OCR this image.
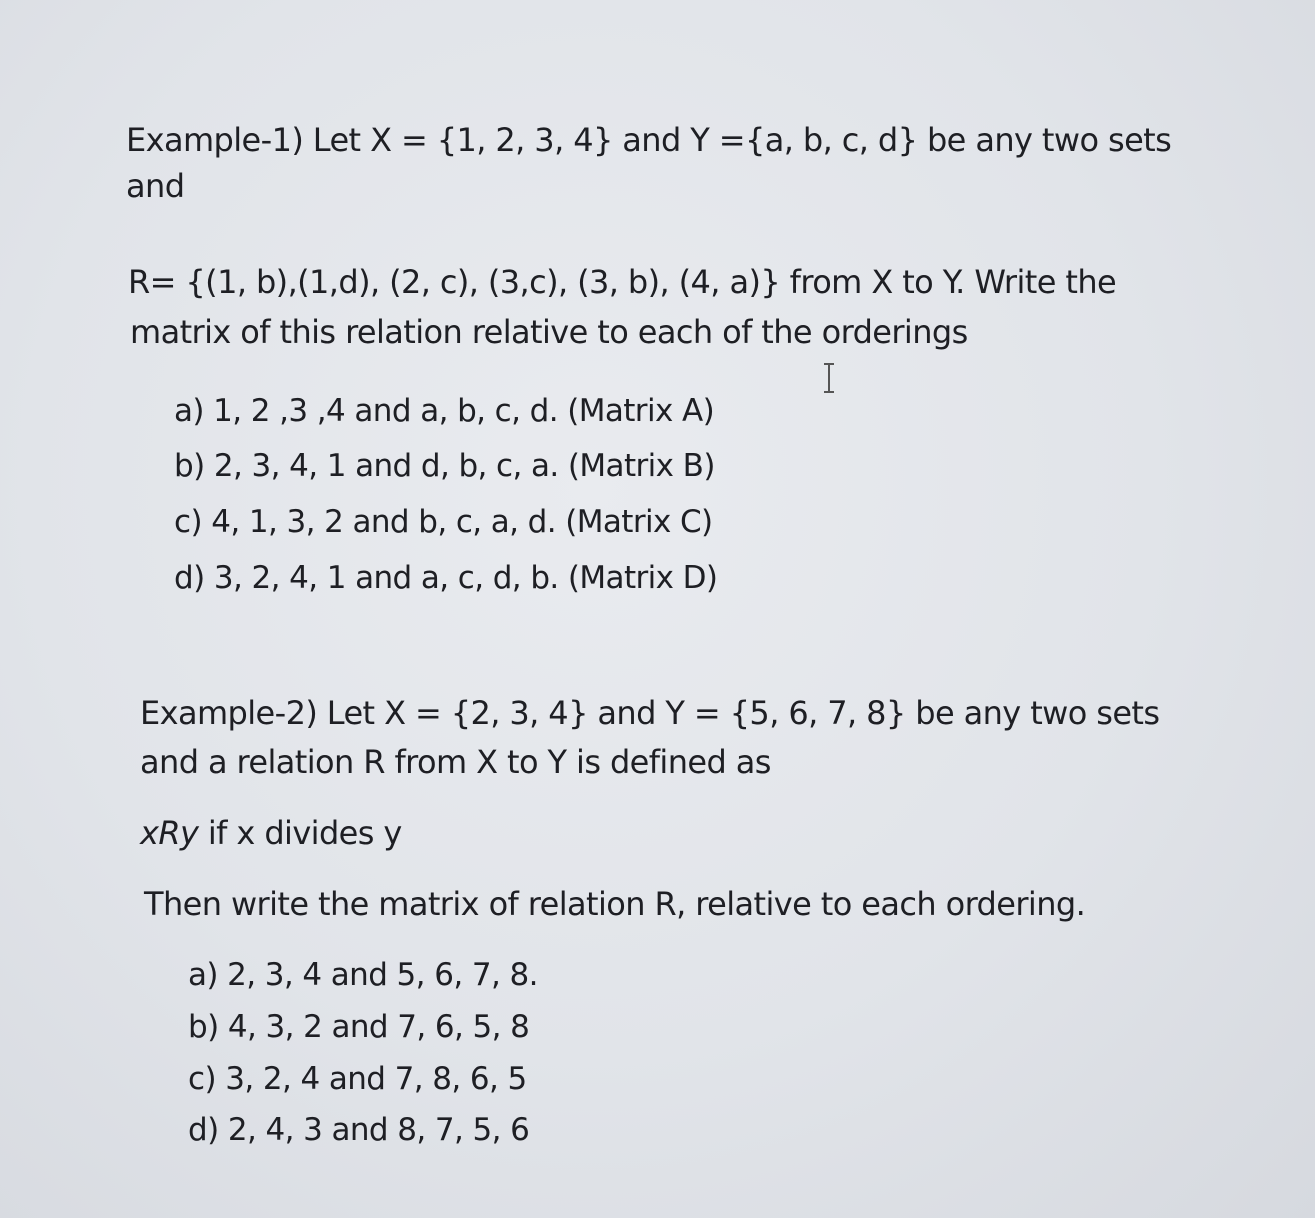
Example-1) Let X = {1, 2, 3, 4} and Y ={a, b, c, d} be any two sets
and
R= {(1, b),(1,d), (2, c), (3,c), (3, b), (4, a)} from X to Y. Write the
matrix of this relation relative to each of the orderings
a) 1, 2 ,3 ,4 and a, b, c, d. (Matrix A)
b) 2, 3, 4, 1 and d, b, c, a. (Matrix B)
c) 4, 1, 3, 2 and b, c, a, d. (Matrix C)
d) 3, 2, 4, 1 and a, c, d, b. (Matrix D)
Example-2) Let X = {2, 3, 4} and Y = {5, 6, 7, 8} be any two sets
and a relation R from X to Y is defined as
xRy if x divides y
Then write the matrix of relation R, relative to each ordering.
a) 2, 3, 4 and 5, 6, 7, 8.
b) 4, 3, 2 and 7, 6, 5, 8
c) 3, 2, 4 and 7, 8, 6, 5
d) 2, 4, 3 and 8, 7, 5, 6
